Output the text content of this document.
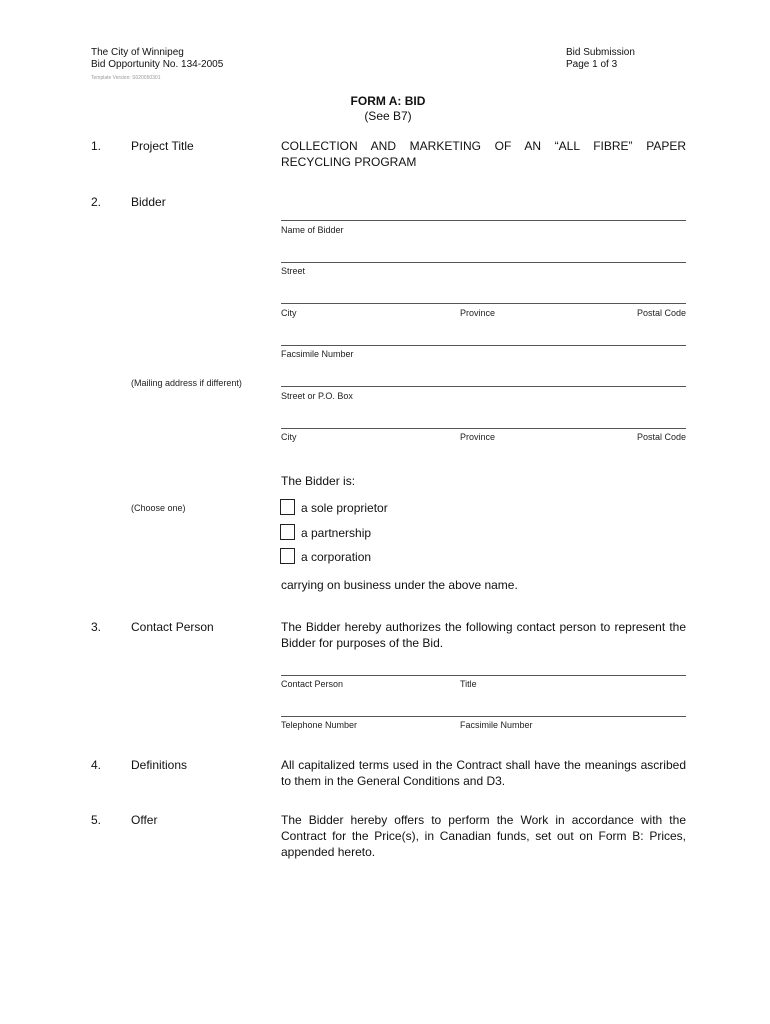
The City of Winnipeg
Bid Opportunity No. 134-2005
Template Version: S020050301
Bid Submission
Page 1 of 3
FORM A: BID
(See B7)
1. Project Title	COLLECTION AND MARKETING OF AN “ALL FIBRE” PAPER RECYCLING PROGRAM
2. Bidder
Name of Bidder
Street
City	Province	Postal Code
Facsimile Number
(Mailing address if different)
Street or P.O. Box
City	Province	Postal Code
The Bidder is:
(Choose one)	a sole proprietor
a partnership
a corporation
carrying on business under the above name.
3. Contact Person	The Bidder hereby authorizes the following contact person to represent the Bidder for purposes of the Bid.
Contact Person	Title
Telephone Number	Facsimile Number
4. Definitions	All capitalized terms used in the Contract shall have the meanings ascribed to them in the General Conditions and D3.
5. Offer	The Bidder hereby offers to perform the Work in accordance with the Contract for the Price(s), in Canadian funds, set out on Form B: Prices, appended hereto.
